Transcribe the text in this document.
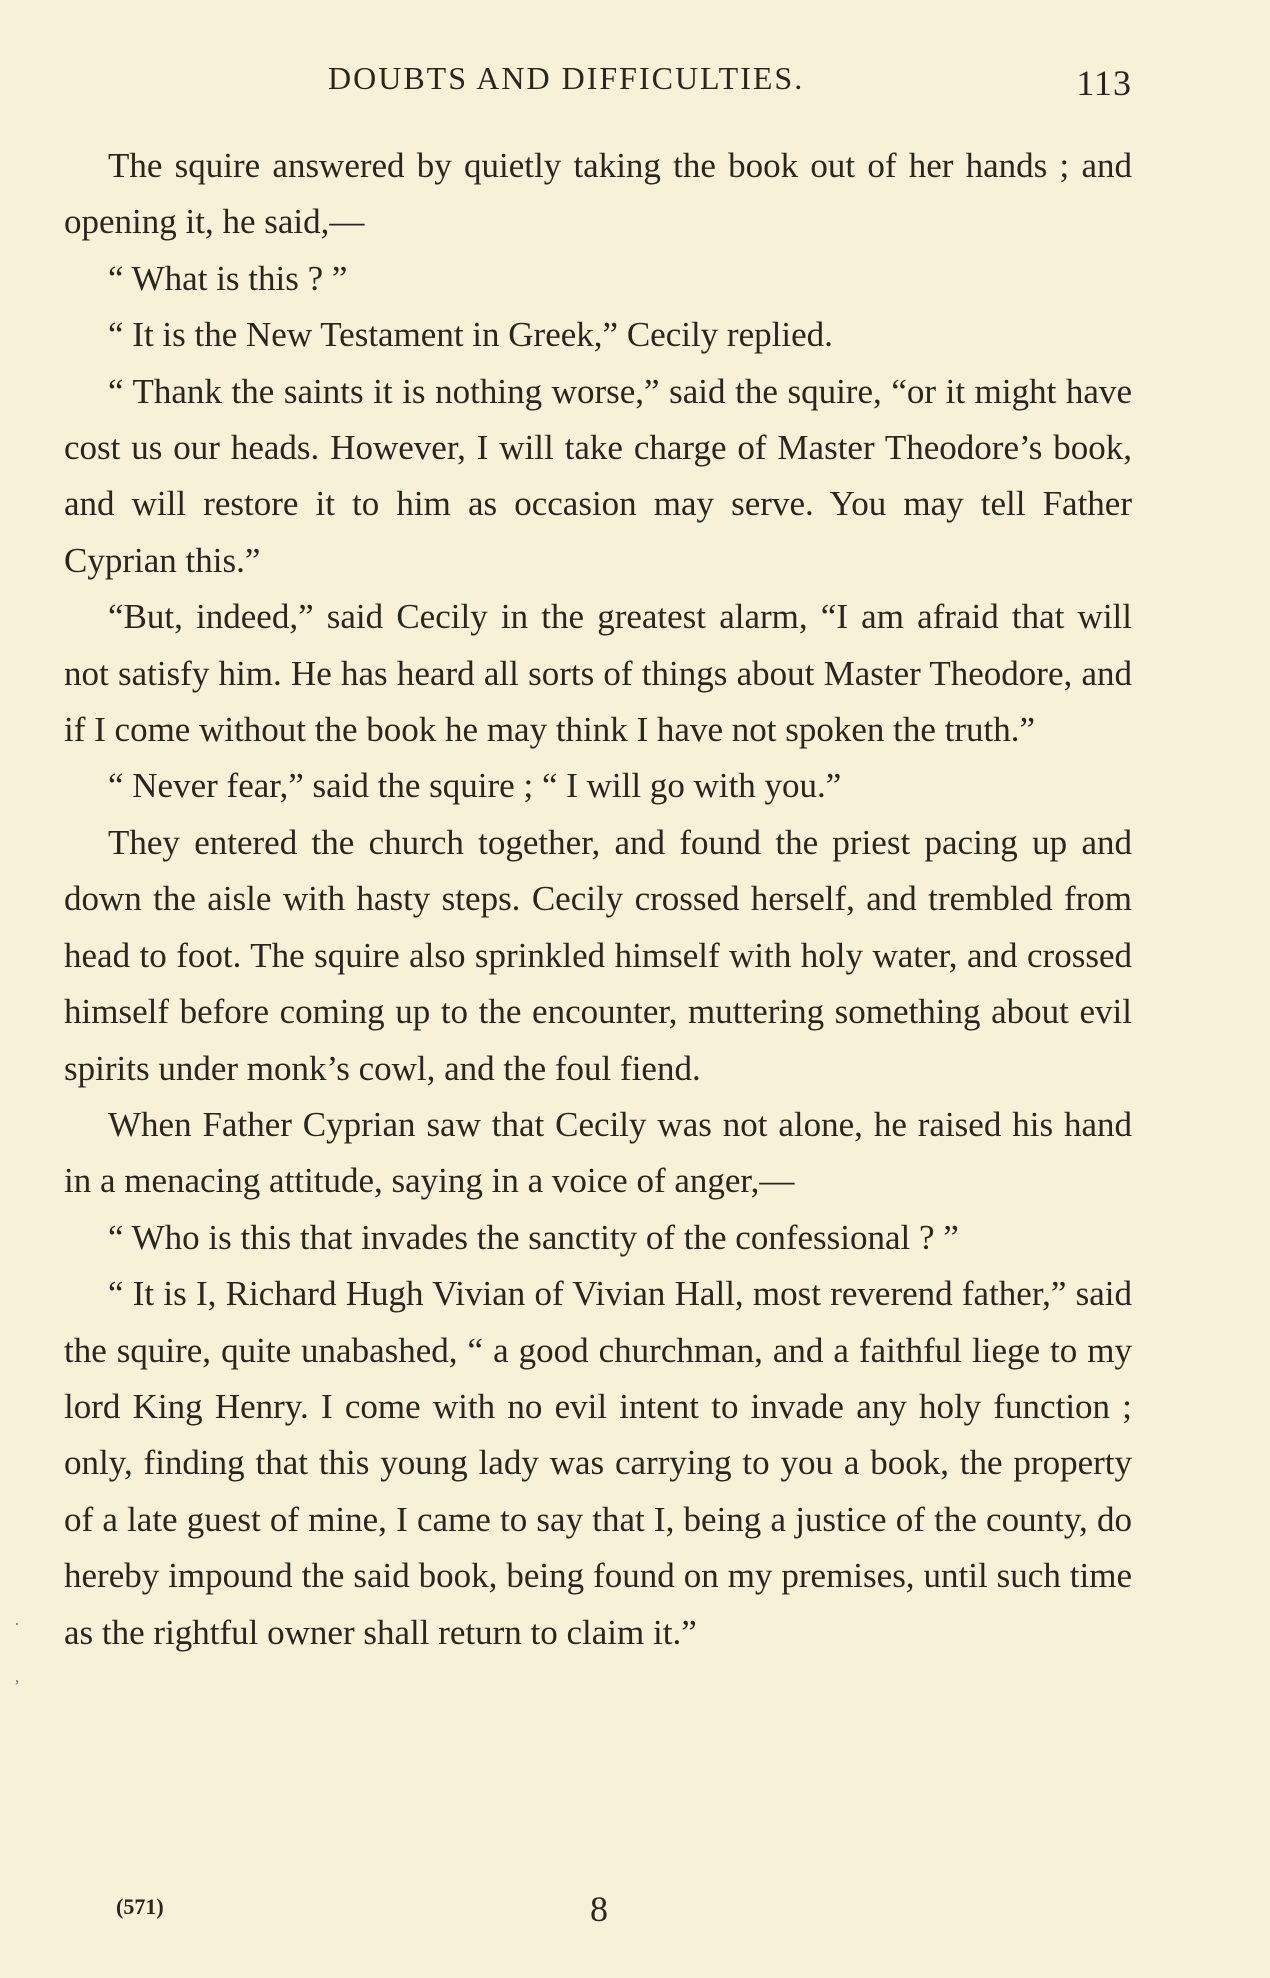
DOUBTS AND DIFFICULTIES.	113

The squire answered by quietly taking the book out of her hands ; and opening it, he said,—

“ What is this ? ”

“ It is the New Testament in Greek,” Cecily replied.

“ Thank the saints it is nothing worse,” said the squire, “or it might have cost us our heads. However, I will take charge of Master Theodore’s book, and will restore it to him as occasion may serve. You may tell Father Cyprian this.”

“But, indeed,” said Cecily in the greatest alarm, “I am afraid that will not satisfy him. He has heard all sorts of things about Master Theodore, and if I come without the book he may think I have not spoken the truth.”

“ Never fear,” said the squire ; “ I will go with you.”

They entered the church together, and found the priest pacing up and down the aisle with hasty steps. Cecily crossed herself, and trembled from head to foot. The squire also sprinkled himself with holy water, and crossed himself before coming up to the encounter, muttering something about evil spirits under monk’s cowl, and the foul fiend.

When Father Cyprian saw that Cecily was not alone, he raised his hand in a menacing attitude, saying in a voice of anger,—

“ Who is this that invades the sanctity of the confessional ? ”

“ It is I, Richard Hugh Vivian of Vivian Hall, most reverend father,” said the squire, quite unabashed, “ a good churchman, and a faithful liege to my lord King Henry. I come with no evil intent to invade any holy function ; only, finding that this young lady was carrying to you a book, the property of a late guest of mine, I came to say that I, being a justice of the county, do hereby impound the said book, being found on my premises, until such time as the rightful owner shall return to claim it.”

·
ʼ
(571)	8
